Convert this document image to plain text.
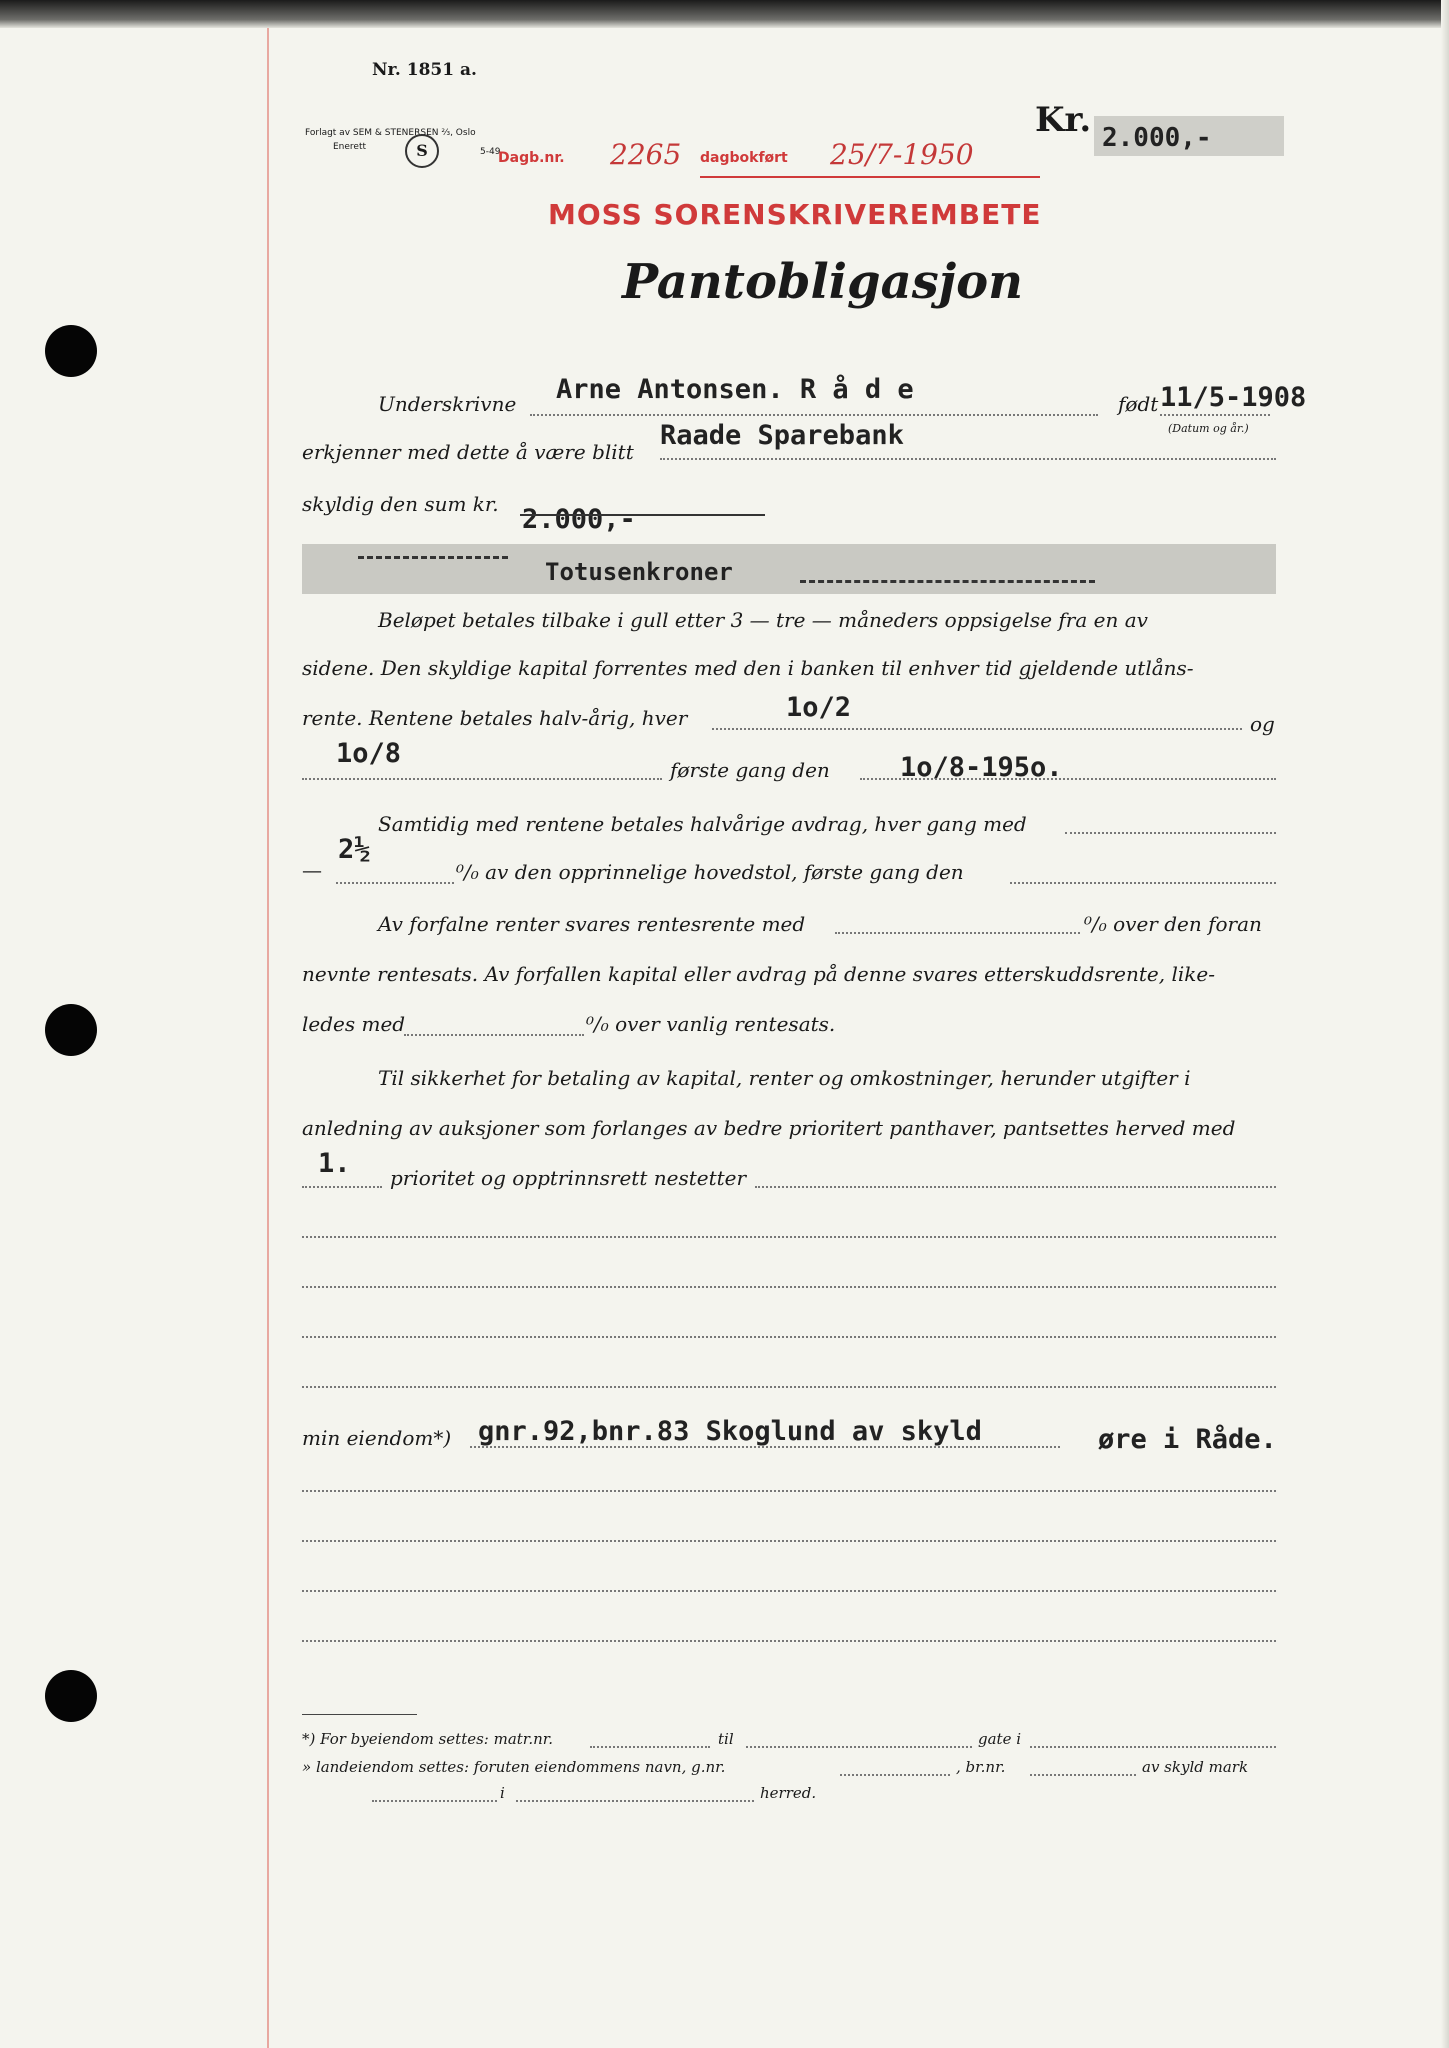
Nr. 1851 a.
Forlagt av SEM & STENERSEN ⅔, Oslo
Enerett	S	5-49
Kr. 2.000,-
Dagb.nr. 2265 dagbokført 25/7-1950
MOSS SORENSKRIVEREMBETE
Pantobligasjon
Underskrivne Arne Antonsen. R å d e	født 11/5-1908
(Datum og år.)
erkjenner med dette å være blitt
Raade Sparebank
skyldig den sum kr. 2.000,-
Totusenkroner
Beløpet betales tilbake i gull etter 3 — tre — måneders oppsigelse fra en av
sidene. Den skyldige kapital forrentes med den i banken til enhver tid gjeldende utlåns-
rente. Rentene betales halv-årig, hver	1o/2
og
1o/8
første gang den	1o/8-195o.
Samtidig med rentene betales halvårige avdrag, hver gang med
—
2½
⁰/₀ av den opprinnelige hovedstol, første gang den
Av forfalne renter svares rentesrente med	⁰/₀ over den foran
nevnte rentesats. Av forfallen kapital eller avdrag på denne svares etterskuddsrente, like-
ledes med	⁰/₀ over vanlig rentesats.
Til sikkerhet for betaling av kapital, renter og omkostninger, herunder utgifter i
anledning av auksjoner som forlanges av bedre prioritert panthaver, pantsettes herved med
1. prioritet og opptrinnsrett nestetter
min eiendom*) gnr.92,bnr.83 Skoglund av skyld	øre i Råde.
*) For byeiendom settes: matr.nr.	til	gate i
» landeiendom settes: foruten eiendommens navn, g.nr.	, br.nr.	av skyld mark
i	herred.
